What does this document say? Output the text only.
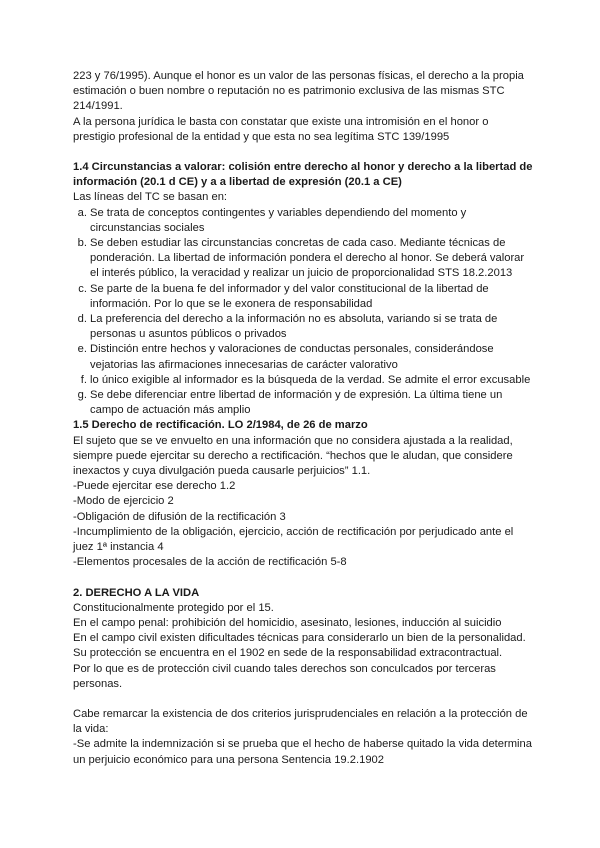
223 y 76/1995). Aunque el honor es un valor de las personas físicas, el derecho a la propia estimación o buen nombre o reputación no es patrimonio exclusiva de las mismas STC 214/1991.

A la persona jurídica le basta con constatar que existe una intromisión en el honor o prestigio profesional de la entidad y que esta no sea legítima STC 139/1995

1.4 Circunstancias a valorar: colisión entre derecho al honor y derecho a la libertad de información (20.1 d CE) y a a libertad de expresión (20.1 a CE)

Las líneas del TC se basan en:

a. Se trata de conceptos contingentes y variables dependiendo del momento y circunstancias sociales
b. Se deben estudiar las circunstancias concretas de cada caso. Mediante técnicas de ponderación. La libertad de información pondera el derecho al honor. Se deberá valorar el interés público, la veracidad y realizar un juicio de proporcionalidad STS 18.2.2013
c. Se parte de la buena fe del informador y del valor constitucional de la libertad de información. Por lo que se le exonera de responsabilidad
d. La preferencia del derecho a la información no es absoluta, variando si se trata de personas u asuntos públicos o privados
e. Distinción entre hechos y valoraciones de conductas personales, considerándose vejatorias las afirmaciones innecesarias de carácter valorativo
f. lo único exigible al informador es la búsqueda de la verdad. Se admite el error excusable
g. Se debe diferenciar entre libertad de información y de expresión. La última tiene un campo de actuación más amplio

1.5 Derecho de rectificación. LO 2/1984, de 26 de marzo

El sujeto que se ve envuelto en una información que no considera ajustada a la realidad, siempre puede ejercitar su derecho a rectificación. “hechos que le aludan, que considere inexactos y cuya divulgación pueda causarle perjuicios” 1.1.

-Puede ejercitar ese derecho 1.2

-Modo de ejercicio 2

-Obligación de difusión de la rectificación 3

-Incumplimiento de la obligación, ejercicio, acción de rectificación por perjudicado ante el juez 1ª instancia 4

-Elementos procesales de la acción de rectificación 5-8

2. DERECHO A LA VIDA

Constitucionalmente protegido por el 15.

En el campo penal: prohibición del homicidio, asesinato, lesiones, inducción al suicidio

En el campo civil existen dificultades técnicas para considerarlo un bien de la personalidad. Su protección se encuentra en el 1902 en sede de la responsabilidad extracontractual.

Por lo que es de protección civil cuando tales derechos son conculcados por terceras personas.

Cabe remarcar la existencia de dos criterios jurisprudenciales en relación a la protección de la vida:

-Se admite la indemnización si se prueba que el hecho de haberse quitado la vida determina un perjuicio económico para una persona Sentencia 19.2.1902
